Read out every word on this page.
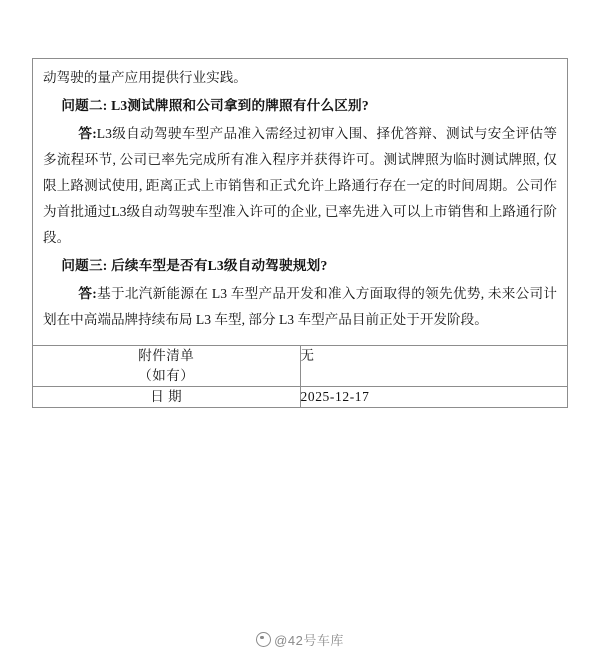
动驾驶的量产应用提供行业实践。

问题二: L3测试牌照和公司拿到的牌照有什么区别?

答:L3级自动驾驶车型产品准入需经过初审入围、择优答辩、测试与安全评估等多流程环节, 公司已率先完成所有准入程序并获得许可。测试牌照为临时测试牌照, 仅限上路测试使用, 距离正式上市销售和正式允许上路通行存在一定的时间周期。公司作为首批通过L3级自动驾驶车型准入许可的企业, 已率先进入可以上市销售和上路通行阶段。

问题三: 后续车型是否有L3级自动驾驶规划?

答:基于北汽新能源在 L3 车型产品开发和准入方面取得的领先优势, 未来公司计划在中高端品牌持续布局 L3 车型, 部分 L3 车型产品目前正处于开发阶段。	

附件清单
（如有）	无

日 期	2025-12-17
@42号车库
